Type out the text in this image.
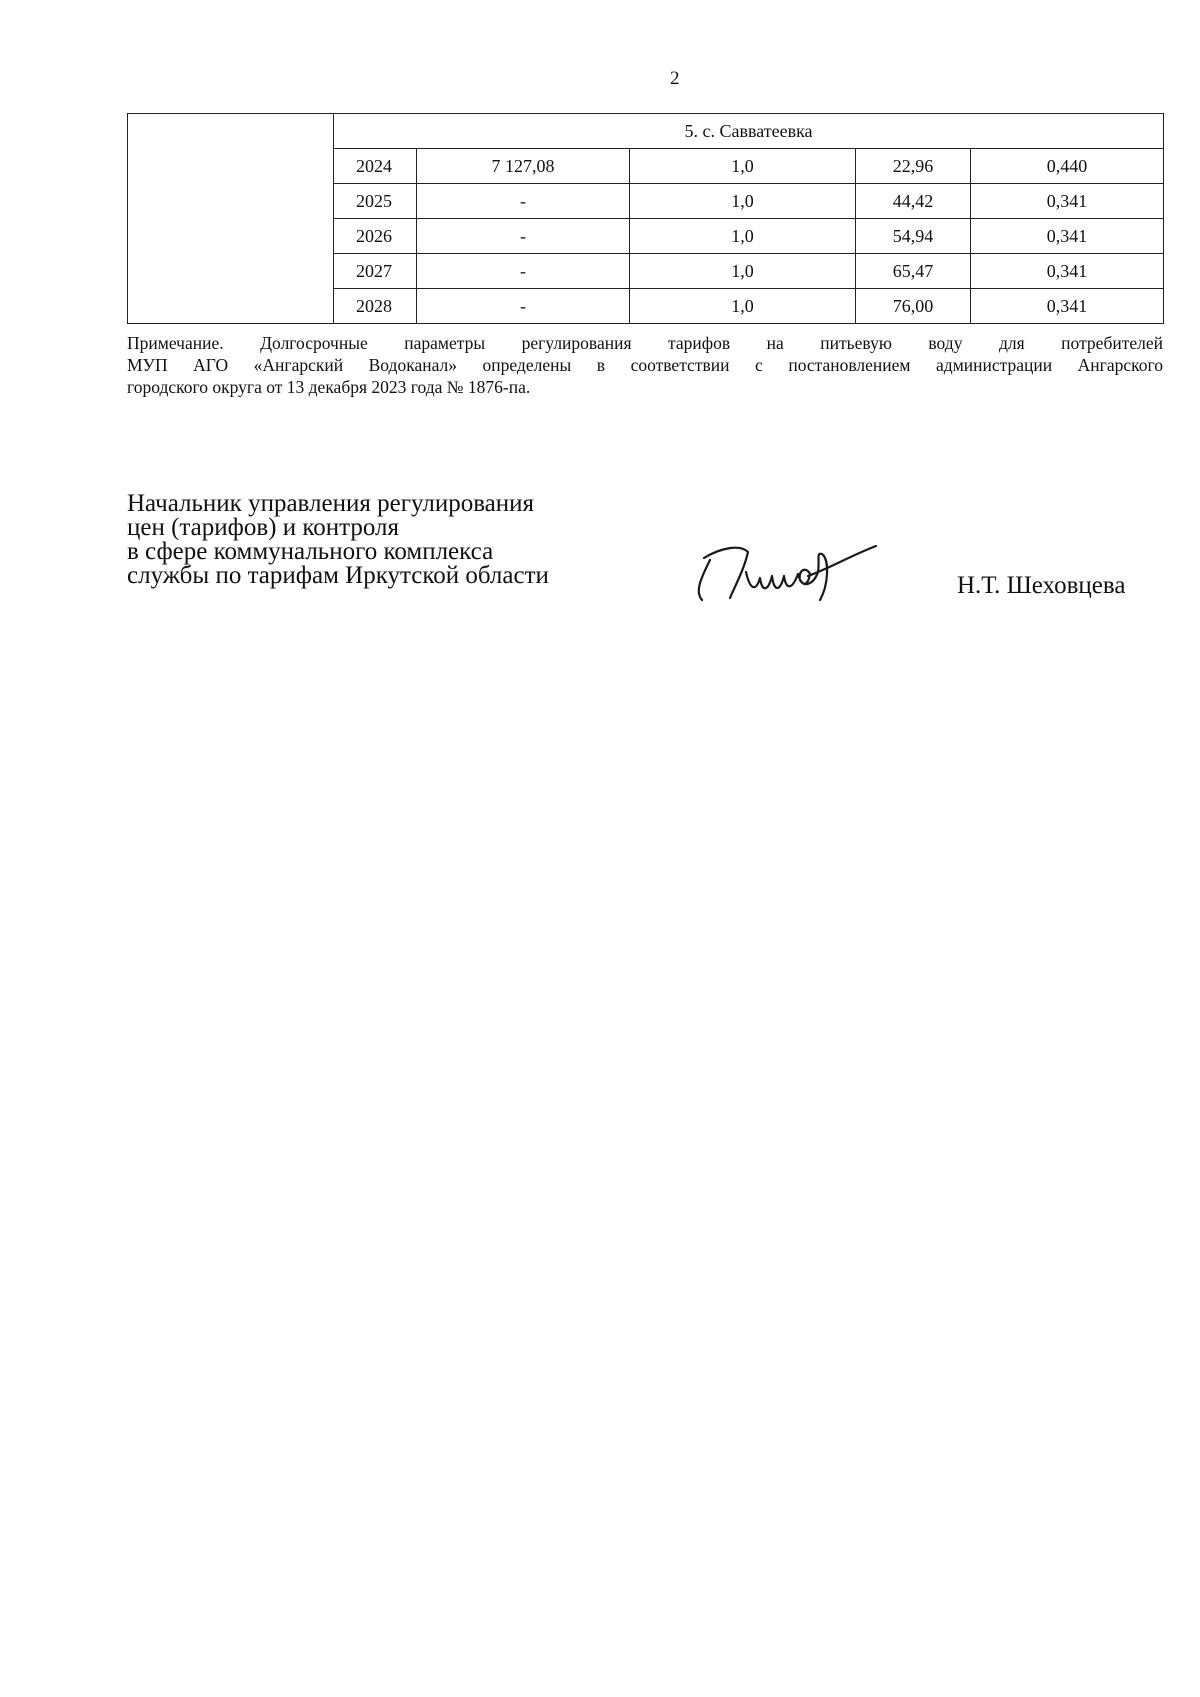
2
	5. с. Савватеевка				
	2024	7 127,08	1,0	22,96	0,440
	2025	-	1,0	44,42	0,341
	2026	-	1,0	54,94	0,341
	2027	-	1,0	65,47	0,341
	2028	-	1,0	76,00	0,341
Примечание. Долгосрочные параметры регулирования тарифов на питьевую воду для потребителей
МУП АГО «Ангарский Водоканал» определены в соответствии с постановлением администрации Ангарского
городского округа от 13 декабря 2023 года № 1876-па.
Начальник управления регулирования
цен (тарифов) и контроля
в сфере коммунального комплекса
службы по тарифам Иркутской области	Н.Т. Шеховцева
